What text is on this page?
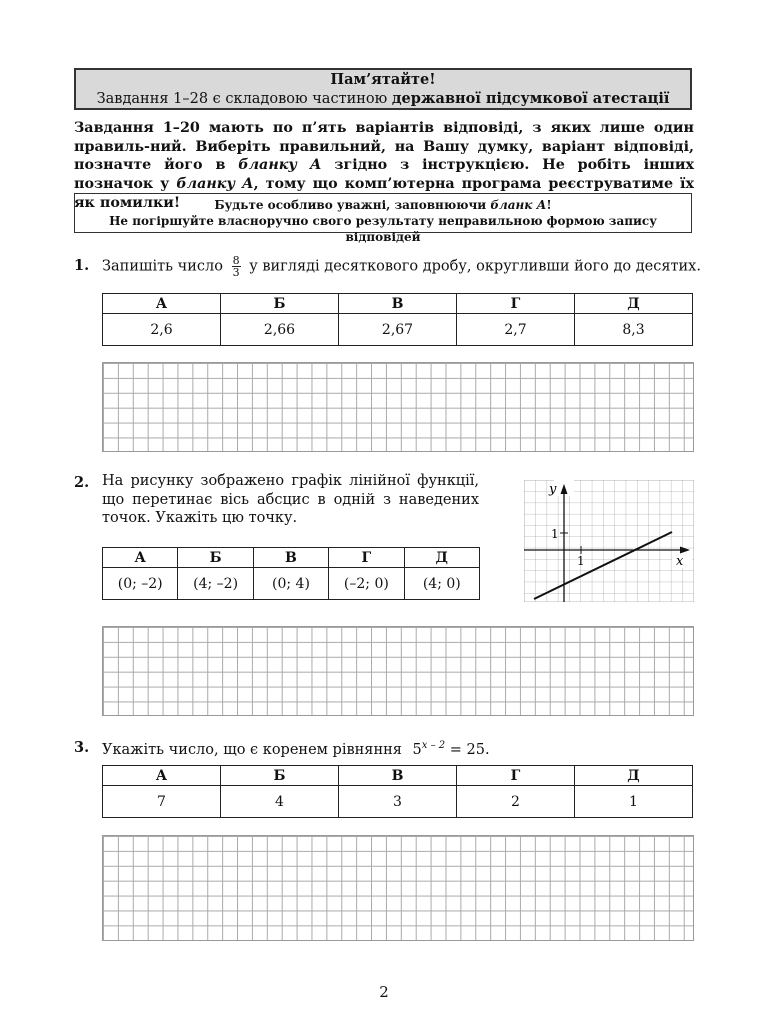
Пам’ятайте!
Завдання 1–28 є складовою частиною державної підсумкової атестації
Завдання 1–20 мають по п’ять варіантів відповіді, з яких лише один правиль-ний. Виберіть правильний, на Вашу думку, варіант відповіді, позначте його в бланку А згідно з інструкцією. Не робіть інших позначок у бланку А, тому що комп’ютерна програма реєструватиме їх як помилки!	Будьте особливо уважні, заповнюючи бланк А!
Не погіршуйте власноручно свого результату неправильною формою запису відповідей
1. Запишіть число $\frac{8}{3}$ у вигляді десяткового дробу, округливши його до десятих.
А	Б	В	Г	Д
2,6	2,66	2,67	2,7	8,3
2. На рисунку зображено графік лінійної функції, що перетинає вісь абсцис в одній з наведених точок. Укажіть цю точку.
А	Б	В	Г	Д
(0; –2)	(4; –2)	(0; 4)	(–2; 0)	(4; 0)
y
x
1
1
3. Укажіть число, що є коренем рівняння $5^{x - 2} = 25$.
А	Б	В	Г	Д
7	4	3	2	1
2
